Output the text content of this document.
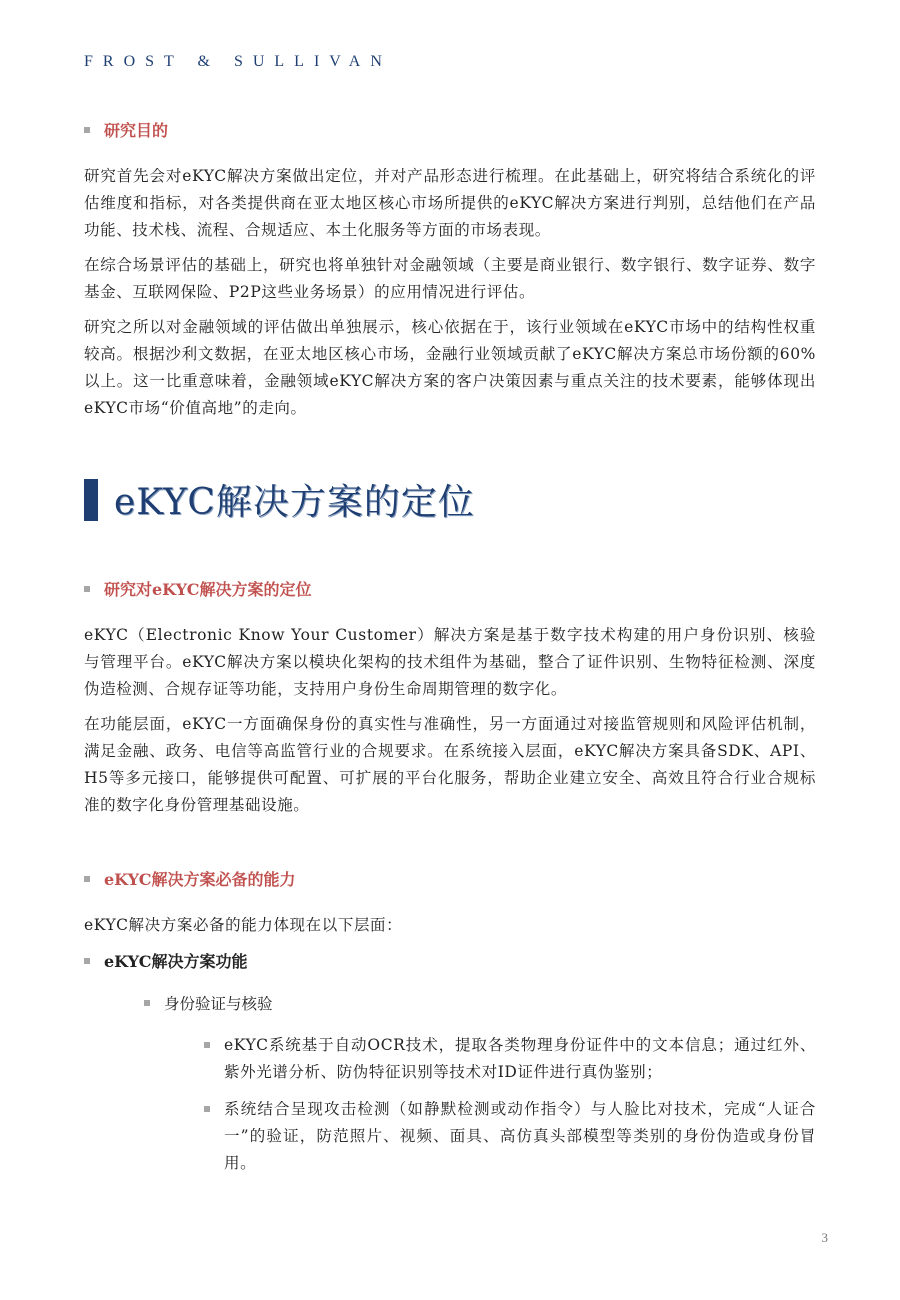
FROST & SULLIVAN
研究目的

研究首先会对eKYC解决方案做出定位，并对产品形态进行梳理。在此基础上，研究将结合系统化的评估维度和指标，对各类提供商在亚太地区核心市场所提供的eKYC解决方案进行判别，总结他们在产品功能、技术栈、流程、合规适应、本土化服务等方面的市场表现。

在综合场景评估的基础上，研究也将单独针对金融领域（主要是商业银行、数字银行、数字证券、数字基金、互联网保险、P2P这些业务场景）的应用情况进行评估。

研究之所以对金融领域的评估做出单独展示，核心依据在于，该行业领域在eKYC市场中的结构性权重较高。根据沙利文数据，在亚太地区核心市场，金融行业领域贡献了eKYC解决方案总市场份额的60%以上。这一比重意味着，金融领域eKYC解决方案的客户决策因素与重点关注的技术要素，能够体现出eKYC市场“价值高地”的走向。

eKYC解决方案的定位
研究对eKYC解决方案的定位

eKYC（Electronic Know Your Customer）解决方案是基于数字技术构建的用户身份识别、核验与管理平台。eKYC解决方案以模块化架构的技术组件为基础，整合了证件识别、生物特征检测、深度伪造检测、合规存证等功能，支持用户身份生命周期管理的数字化。

在功能层面，eKYC一方面确保身份的真实性与准确性，另一方面通过对接监管规则和风险评估机制，满足金融、政务、电信等高监管行业的合规要求。在系统接入层面，eKYC解决方案具备SDK、API、H5等多元接口，能够提供可配置、可扩展的平台化服务，帮助企业建立安全、高效且符合行业合规标准的数字化身份管理基础设施。

eKYC解决方案必备的能力

eKYC解决方案必备的能力体现在以下层面：

eKYC解决方案功能
身份验证与核验

eKYC系统基于自动OCR技术，提取各类物理身份证件中的文本信息；通过红外、紫外光谱分析、防伪特征识别等技术对ID证件进行真伪鉴别；

系统结合呈现攻击检测（如静默检测或动作指令）与人脸比对技术，完成“人证合一”的验证，防范照片、视频、面具、高仿真头部模型等类别的身份伪造或身份冒用。

3
